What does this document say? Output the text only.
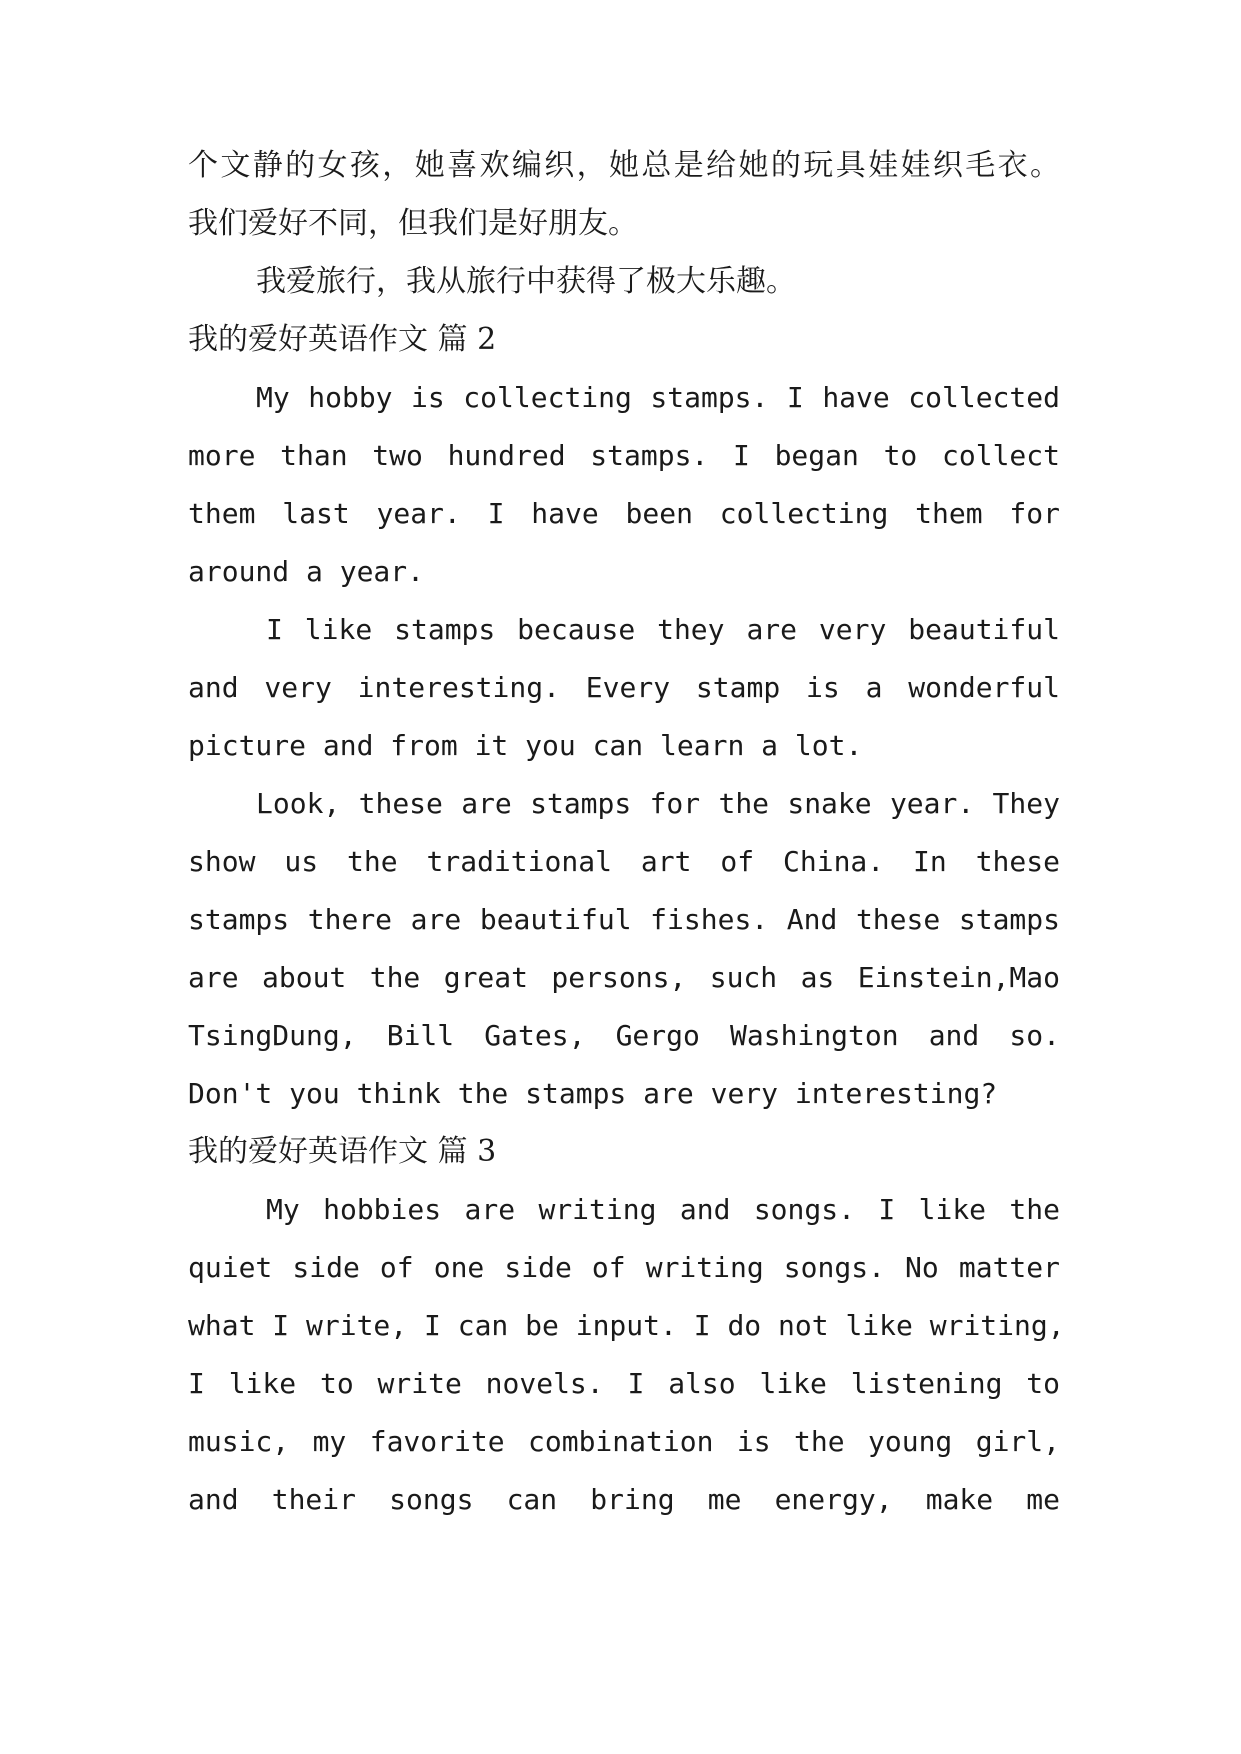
个文静的女孩，她喜欢编织，她总是给她的玩具娃娃织毛衣。
我们爱好不同，但我们是好朋友。
我爱旅行，我从旅行中获得了极大乐趣。
我的爱好英语作文 篇 2
My hobby is collecting stamps. I have collected
more than two hundred stamps. I began to collect
them last year. I have been collecting them for
around a year.
I like stamps because they are very beautiful
and very interesting. Every stamp is a wonderful
picture and from it you can learn a lot.
Look, these are stamps for the snake year. They
show us the traditional art of China. In these
stamps there are beautiful fishes. And these stamps
are about the great persons, such as Einstein,Mao
TsingDung, Bill Gates, Gergo Washington and so.
Don't you think the stamps are very interesting?
我的爱好英语作文 篇 3
My hobbies are writing and songs. I like the
quiet side of one side of writing songs. No matter
what I write, I can be input. I do not like writing,
I like to write novels. I also like listening to
music, my favorite combination is the young girl,
and their songs can bring me energy, make me
